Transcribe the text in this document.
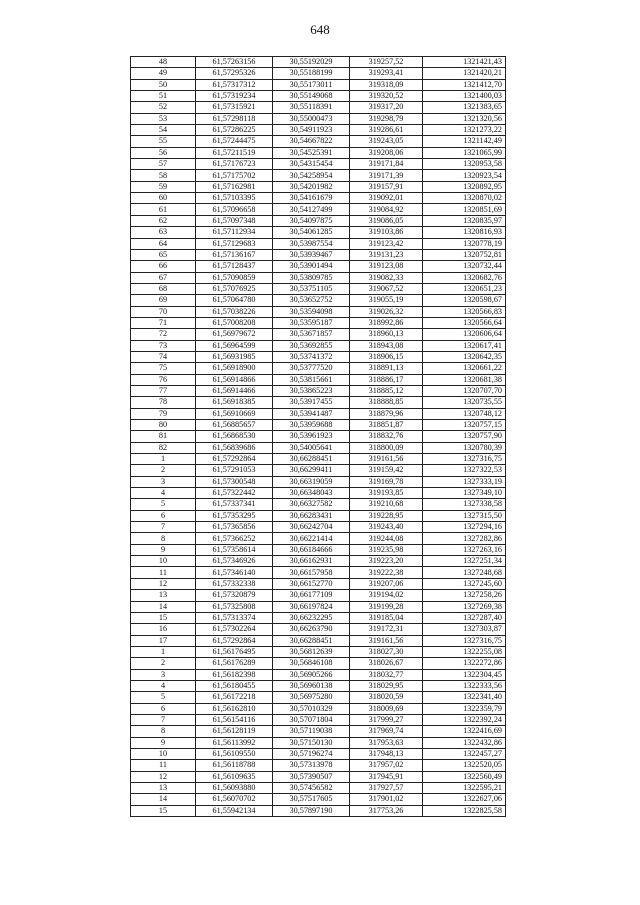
648
48	61,57263156	30,55192029	319257,52	1321421,43
49	61,57295326	30,55188199	319293,41	1321420,21
50	61,57317312	30,55173011	319318,09	1321412,70
51	61,57319234	30,55149068	319320,52	1321400,03
52	61,57315921	30,55118391	319317,20	1321383,65
53	61,57298118	30,55000473	319298,79	1321320,56
54	61,57286225	30,54911923	319286,61	1321273,22
55	61,57244475	30,54667822	319243,05	1321142,49
56	61,57211519	30,54525391	319208,06	1321065,99
57	61,57176723	30,54315454	319171,84	1320953,58
58	61,57175702	30,54258954	319171,39	1320923,54
59	61,57162981	30,54201982	319157,91	1320892,95
60	61,57103395	30,54161679	319092,01	1320870,02
61	61,57096658	30,54127499	319084,92	1320851,69
62	61,57097348	30,54097875	319086,05	1320835,97
63	61,57112934	30,54061285	319103,86	1320816,93
64	61,57129683	30,53987554	319123,42	1320778,19
65	61,57136167	30,53939467	319131,23	1320752,81
66	61,57128437	30,53901494	319123,08	1320732,44
67	61,57090859	30,53809785	319082,33	1320682,76
68	61,57076925	30,53751105	319067,52	1320651,23
69	61,57064780	30,53652752	319055,19	1320598,67
70	61,57038226	30,53594098	319026,32	1320566,83
71	61,57008208	30,53595187	318992,86	1320566,64
72	61,56979672	30,53671857	318960,13	1320606,64
73	61,56964599	30,53692855	318943,08	1320617,41
74	61,56931985	30,53741372	318906,15	1320642,35
75	61,56918900	30,53777520	318891,13	1320661,22
76	61,56914866	30,53815661	318886,17	1320681,38
77	61,56914466	30,53865223	318885,12	1320707,70
78	61,56918385	30,53917455	318888,85	1320735,55
79	61,56910669	30,53941487	318879,96	1320748,12
80	61,56885657	30,53959688	318851,87	1320757,15
81	61,56868530	30,53961923	318832,76	1320757,90
82	61,56839686	30,54005641	318800,09	1320780,39
1	61,57292864	30,66288451	319161,56	1327316,75
2	61,57291053	30,66299411	319159,42	1327322,53
3	61,57300548	30,66319059	319169,78	1327333,19
4	61,57322442	30,66348043	319193,85	1327349,10
5	61,57337341	30,66327582	319210,68	1327338,58
6	61,57353295	30,66283431	319228,95	1327315,50
7	61,57365856	30,66242704	319243,40	1327294,16
8	61,57366252	30,66221414	319244,08	1327282,86
9	61,57358614	30,66184666	319235,98	1327263,16
10	61,57346926	30,66162931	319223,20	1327251,34
11	61,57346140	30,66157958	319222,38	1327248,68
12	61,57332338	30,66152770	319207,06	1327245,60
13	61,57320879	30,66177109	319194,02	1327258,26
14	61,57325808	30,66197824	319199,28	1327269,38
15	61,57313374	30,66232295	319185,04	1327287,40
16	61,57302264	30,66263790	319172,31	1327303,87
17	61,57292864	30,66288451	319161,56	1327316,75
1	61,56176495	30,56812639	318027,30	1322255,08
2	61,56176289	30,56846108	318026,67	1322272,86
3	61,56182398	30,56905266	318032,77	1322304,45
4	61,56180455	30,56960138	318029,95	1322333,56
5	61,56172218	30,56975280	318020,59	1322341,40
6	61,56162810	30,57010329	318009,69	1322359,79
7	61,56154116	30,57071804	317999,27	1322392,24
8	61,56128119	30,57119038	317969,74	1322416,69
9	61,56113992	30,57150130	317953,63	1322432,86
10	61,56109550	30,57196274	317948,13	1322457,27
11	61,56118788	30,57313978	317957,02	1322520,05
12	61,56109635	30,57390507	317945,91	1322560,49
13	61,56093880	30,57456582	317927,57	1322595,21
14	61,56070702	30,57517605	317901,02	1322627,06
15	61,55942134	30,57897190	317753,26	1322825,58
